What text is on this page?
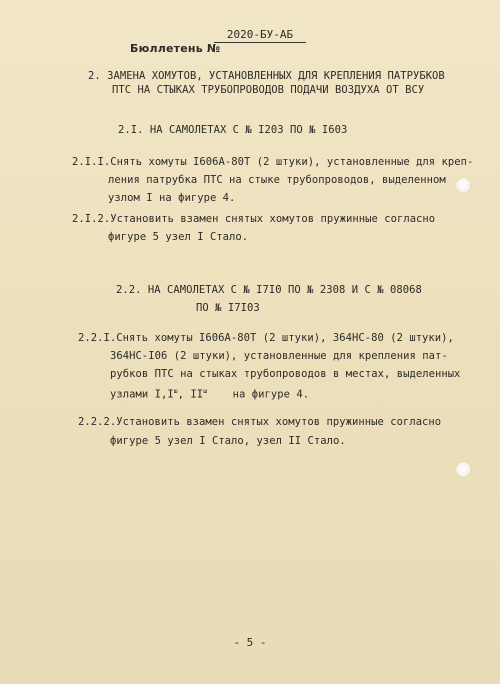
Бюллетень №
2020-БУ-АБ
2. ЗАМЕНА ХОМУТОВ, УСТАНОВЛЕННЫХ ДЛЯ КРЕПЛЕНИЯ ПАТРУБКОВ
ПТС НА СТЫКАХ ТРУБОПРОВОДОВ ПОДАЧИ ВОЗДУХА ОТ ВСУ
2.I. НА САМОЛЕТАХ С № I203 ПО № I603
2.I.I.Снять хомуты I606А-80Т (2 штуки), установленные для креп-
ления патрубка ПТС на стыке трубопроводов, выделенном
узлом I на фигуре 4.
2.I.2.Установить взамен снятых хомутов пружинные согласно
фигуре 5 узел I Стало.
2.2. НА САМОЛЕТАХ С № I7I0 ПО № 2308 И С № 08068
ПО № I7I03
2.2.I.Снять хомуты I606А-80Т (2 штуки), 364НС-80 (2 штуки),
364НС-I06 (2 штуки), установленные для крепления пат-
рубков ПТС на стыках трубопроводов в местах, выделенных
узлами $I,I^ш$, $II^ш$    на фигуре 4.
2.2.2.Установить взамен снятых хомутов пружинные согласно
фигуре 5 узел I Стало, узел II Стало.
- 5 -
